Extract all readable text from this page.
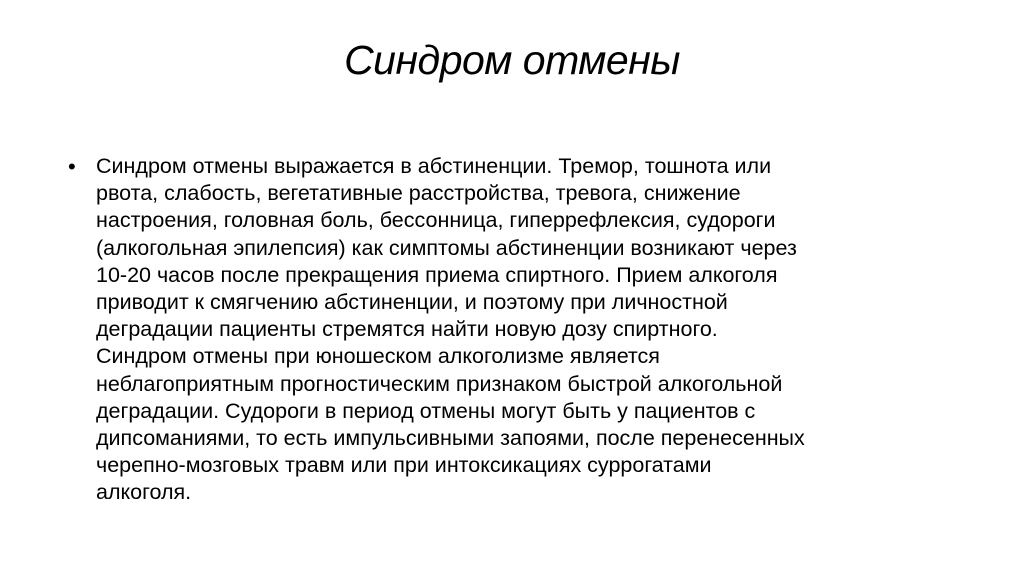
Синдром отмены
• Синдром отмены выражается в абстиненции. Тремор, тошнота или
рвота, слабость, вегетативные расстройства, тревога, снижение
настроения, головная боль, бессонница, гиперрефлексия, судороги
(алкогольная эпилепсия) как симптомы абстиненции возникают через
10-20 часов после прекращения приема спиртного. Прием алкоголя
приводит к смягчению абстиненции, и поэтому при личностной
деградации пациенты стремятся найти новую дозу спиртного.
Синдром отмены при юношеском алкоголизме является
неблагоприятным прогностическим признаком быстрой алкогольной
деградации. Судороги в период отмены могут быть у пациентов с
дипсоманиями, то есть импульсивными запоями, после перенесенных
черепно-мозговых травм или при интоксикациях суррогатами
алкоголя.
